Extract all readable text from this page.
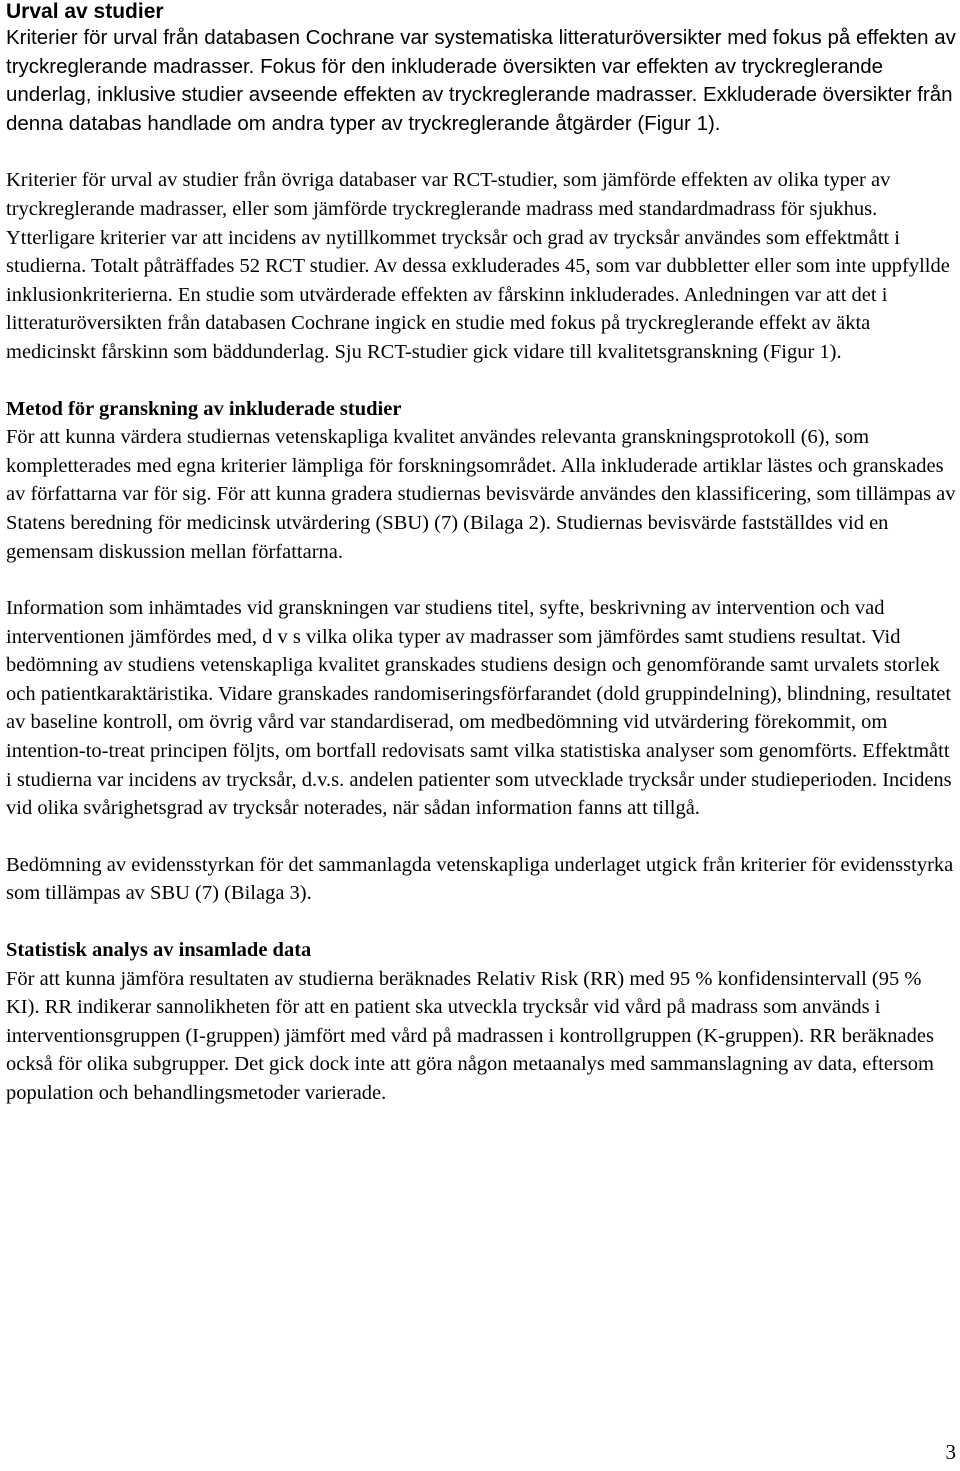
Urval av studier

Kriterier för urval från databasen Cochrane var systematiska litteraturöversikter med fokus på effekten av tryckreglerande madrasser. Fokus för den inkluderade översikten var effekten av tryckreglerande underlag, inklusive studier avseende effekten av tryckreglerande madrasser. Exkluderade översikter från denna databas handlade om andra typer av tryckreglerande åtgärder (Figur 1).

Kriterier för urval av studier från övriga databaser var RCT-studier, som jämförde effekten av olika typer av tryckreglerande madrasser, eller som jämförde tryckreglerande madrass med standardmadrass för sjukhus. Ytterligare kriterier var att incidens av nytillkommet trycksår och grad av trycksår användes som effektmått i studierna. Totalt påträffades 52 RCT studier. Av dessa exkluderades 45, som var dubbletter eller som inte uppfyllde inklusionkriterierna. En studie som utvärderade effekten av fårskinn inkluderades. Anledningen var att det i litteraturöversikten från databasen Cochrane ingick en studie med fokus på tryckreglerande effekt av äkta medicinskt fårskinn som bäddunderlag. Sju RCT-studier gick vidare till kvalitetsgranskning (Figur 1).

Metod för granskning av inkluderade studier

För att kunna värdera studiernas vetenskapliga kvalitet användes relevanta granskningsprotokoll (6), som kompletterades med egna kriterier lämpliga för forskningsområdet. Alla inkluderade artiklar lästes och granskades av författarna var för sig. För att kunna gradera studiernas bevisvärde användes den klassificering, som tillämpas av Statens beredning för medicinsk utvärdering (SBU) (7) (Bilaga 2). Studiernas bevisvärde fastställdes vid en gemensam diskussion mellan författarna.

Information som inhämtades vid granskningen var studiens titel, syfte, beskrivning av intervention och vad interventionen jämfördes med, d v s vilka olika typer av madrasser som jämfördes samt studiens resultat. Vid bedömning av studiens vetenskapliga kvalitet granskades studiens design och genomförande samt urvalets storlek och patientkaraktäristika. Vidare granskades randomiseringsförfarandet (dold gruppindelning), blindning, resultatet av baseline kontroll, om övrig vård var standardiserad, om medbedömning vid utvärdering förekommit, om intention-to-treat principen följts, om bortfall redovisats samt vilka statistiska analyser som genomförts. Effektmått i studierna var incidens av trycksår, d.v.s. andelen patienter som utvecklade trycksår under studieperioden. Incidens vid olika svårighetsgrad av trycksår noterades, när sådan information fanns att tillgå.

Bedömning av evidensstyrkan för det sammanlagda vetenskapliga underlaget utgick från kriterier för evidensstyrka som tillämpas av SBU (7) (Bilaga 3).

Statistisk analys av insamlade data

För att kunna jämföra resultaten av studierna beräknades Relativ Risk (RR) med 95 % konfidensintervall (95 % KI). RR indikerar sannolikheten för att en patient ska utveckla trycksår vid vård på madrass som används i interventionsgruppen (I-gruppen) jämfört med vård på madrassen i kontrollgruppen (K-gruppen). RR beräknades också för olika subgrupper. Det gick dock inte att göra någon metaanalys med sammanslagning av data, eftersom population och behandlingsmetoder varierade.

3
